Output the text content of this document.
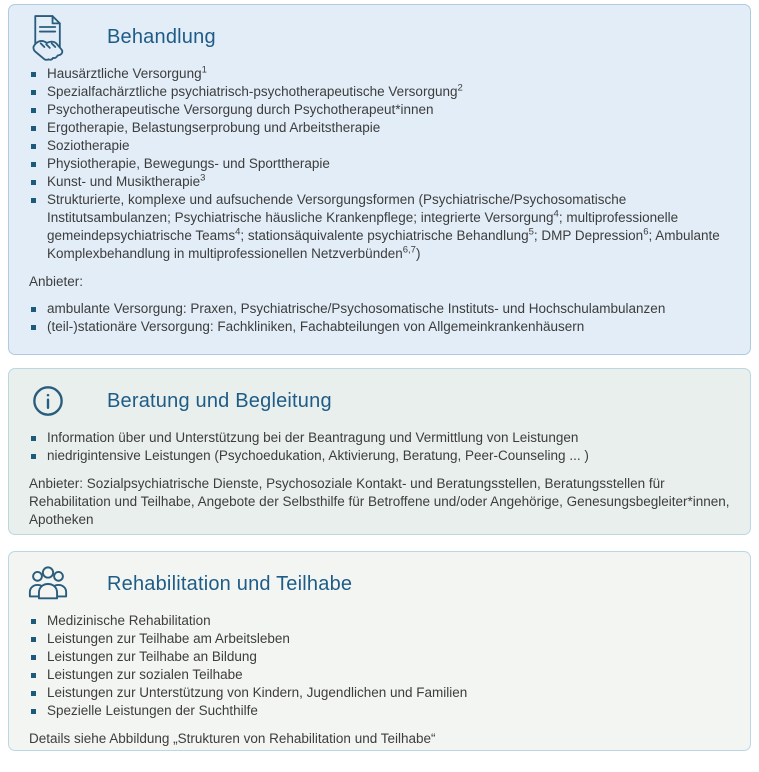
Behandlung
Hausärztliche Versorgung$^1$
Spezialfachärztliche psychiatrisch-psychotherapeutische Versorgung$^2$
Psychotherapeutische Versorgung durch Psychotherapeut*innen
Ergotherapie, Belastungserprobung und Arbeitstherapie
Soziotherapie
Physiotherapie, Bewegungs- und Sporttherapie
Kunst- und Musiktherapie$^3$
Strukturierte, komplexe und aufsuchende Versorgungsformen (Psychiatrische/Psychosomatische Institutsambulanzen; Psychiatrische häusliche Krankenpflege; integrierte Versorgung$^4$; multiprofessionelle gemeindepsychiatrische Teams$^4$; stationsäquivalente psychiatrische Behandlung$^5$; DMP Depression$^6$; Ambulante Komplexbehandlung in multiprofessionellen Netzverbünden$^{6,7}$)

Anbieter:

ambulante Versorgung: Praxen, Psychiatrische/Psychosomatische Instituts- und Hochschulambulanzen
(teil-)stationäre Versorgung: Fachkliniken, Fachabteilungen von Allgemeinkrankenhäusern
Beratung und Begleitung
Information über und Unterstützung bei der Beantragung und Vermittlung von Leistungen
niedrigintensive Leistungen (Psychoedukation, Aktivierung, Beratung, Peer-Counseling ... )

Anbieter: Sozialpsychiatrische Dienste, Psychosoziale Kontakt- und Beratungsstellen, Beratungsstellen für Rehabilitation und Teilhabe, Angebote der Selbsthilfe für Betroffene und/oder Angehörige, Genesungsbegleiter*innen, Apotheken

Rehabilitation und Teilhabe
Medizinische Rehabilitation
Leistungen zur Teilhabe am Arbeitsleben
Leistungen zur Teilhabe an Bildung
Leistungen zur sozialen Teilhabe
Leistungen zur Unterstützung von Kindern, Jugendlichen und Familien
Spezielle Leistungen der Suchthilfe

Details siehe Abbildung „Strukturen von Rehabilitation und Teilhabe“
